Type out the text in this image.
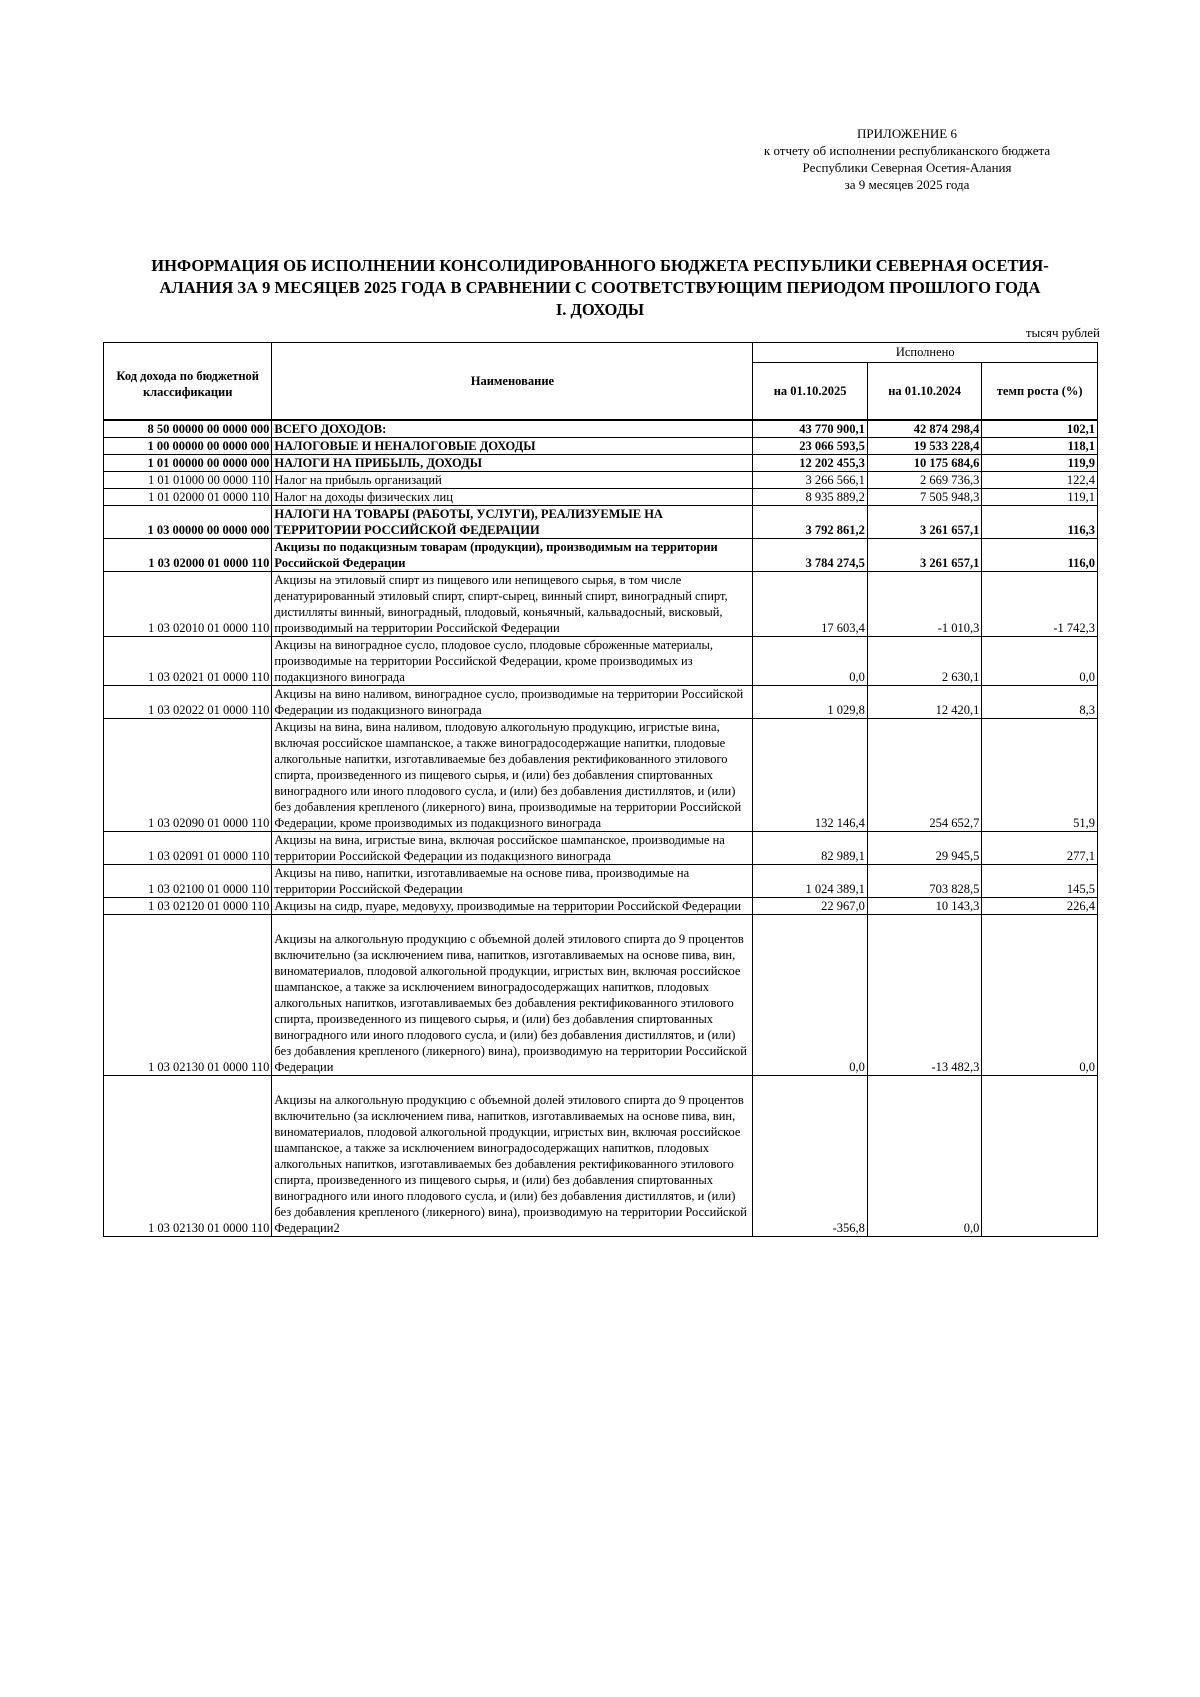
ПРИЛОЖЕНИЕ 6
к отчету об исполнении республиканского бюджета
Республики Северная Осетия-Алания
за 9 месяцев 2025 года
ИНФОРМАЦИЯ ОБ ИСПОЛНЕНИИ КОНСОЛИДИРОВАННОГО БЮДЖЕТА РЕСПУБЛИКИ СЕВЕРНАЯ ОСЕТИЯ-
АЛАНИЯ ЗА 9 МЕСЯЦЕВ 2025 ГОДА В СРАВНЕНИИ С СООТВЕТСТВУЮЩИМ ПЕРИОДОМ ПРОШЛОГО ГОДА
I. ДОХОДЫ
тысяч рублей
Код дохода по бюджетной классификации	Наименование	Исполнено		
		на 01.10.2025	на 01.10.2024	темп роста (%)
8 50 00000 00 0000 000	ВСЕГО ДОХОДОВ:	43 770 900,1	42 874 298,4	102,1
1 00 00000 00 0000 000	НАЛОГОВЫЕ И НЕНАЛОГОВЫЕ ДОХОДЫ	23 066 593,5	19 533 228,4	118,1
1 01 00000 00 0000 000	НАЛОГИ НА ПРИБЫЛЬ, ДОХОДЫ	12 202 455,3	10 175 684,6	119,9
1 01 01000 00 0000 110	Налог на прибыль организаций	3 266 566,1	2 669 736,3	122,4
1 01 02000 01 0000 110	Налог на доходы физических лиц	8 935 889,2	7 505 948,3	119,1
1 03 00000 00 0000 000	НАЛОГИ НА ТОВАРЫ (РАБОТЫ, УСЛУГИ), РЕАЛИЗУЕМЫЕ НА ТЕРРИТОРИИ РОССИЙСКОЙ ФЕДЕРАЦИИ	3 792 861,2	3 261 657,1	116,3
1 03 02000 01 0000 110	Акцизы по подакцизным товарам (продукции), производимым на территории Российской Федерации	3 784 274,5	3 261 657,1	116,0
1 03 02010 01 0000 110	Акцизы на этиловый спирт из пищевого или непищевого сырья, в том числе денатурированный этиловый спирт, спирт-сырец, винный спирт, виноградный спирт, дистилляты винный, виноградный, плодовый, коньячный, кальвадосный, висковый, производимый на территории Российской Федерации	17 603,4	-1 010,3	-1 742,3
1 03 02021 01 0000 110	Акцизы на виноградное сусло, плодовое сусло, плодовые сброженные материалы, производимые на территории Российской Федерации, кроме производимых из подакцизного винограда	0,0	2 630,1	0,0
1 03 02022 01 0000 110	Акцизы на вино наливом, виноградное сусло, производимые на территории Российской Федерации из подакцизного винограда	1 029,8	12 420,1	8,3
1 03 02090 01 0000 110	Акцизы на вина, вина наливом, плодовую алкогольную продукцию, игристые вина, включая российское шампанское, а также виноградосодержащие напитки, плодовые алкогольные напитки, изготавливаемые без добавления ректификованного этилового спирта, произведенного из пищевого сырья, и (или) без добавления спиртованных виноградного или иного плодового сусла, и (или) без добавления дистиллятов, и (или) без добавления крепленого (ликерного) вина, производимые на территории Российской Федерации, кроме производимых из подакцизного винограда	132 146,4	254 652,7	51,9
1 03 02091 01 0000 110	Акцизы на вина, игристые вина, включая российское шампанское, производимые на территории Российской Федерации из подакцизного винограда	82 989,1	29 945,5	277,1
1 03 02100 01 0000 110	Акцизы на пиво, напитки, изготавливаемые на основе пива, производимые на территории Российской Федерации	1 024 389,1	703 828,5	145,5
1 03 02120 01 0000 110	Акцизы на сидр, пуаре, медовуху, производимые на территории Российской Федерации	22 967,0	10 143,3	226,4
1 03 02130 01 0000 110	Акцизы на алкогольную продукцию с объемной долей этилового спирта до 9 процентов включительно (за исключением пива, напитков, изготавливаемых на основе пива, вин, виноматериалов, плодовой алкогольной продукции, игристых вин, включая российское шампанское, а также за исключением виноградосодержащих напитков, плодовых алкогольных напитков, изготавливаемых без добавления ректификованного этилового спирта, произведенного из пищевого сырья, и (или) без добавления спиртованных виноградного или иного плодового сусла, и (или) без добавления дистиллятов, и (или) без добавления крепленого (ликерного) вина), производимую на территории Российской Федерации	0,0	-13 482,3	0,0
1 03 02130 01 0000 110	Акцизы на алкогольную продукцию с объемной долей этилового спирта до 9 процентов включительно (за исключением пива, напитков, изготавливаемых на основе пива, вин, виноматериалов, плодовой алкогольной продукции, игристых вин, включая российское шампанское, а также за исключением виноградосодержащих напитков, плодовых алкогольных напитков, изготавливаемых без добавления ректификованного этилового спирта, произведенного из пищевого сырья, и (или) без добавления спиртованных виноградного или иного плодового сусла, и (или) без добавления дистиллятов, и (или) без добавления крепленого (ликерного) вина), производимую на территории Российской Федерации2	-356,8	0,0	
